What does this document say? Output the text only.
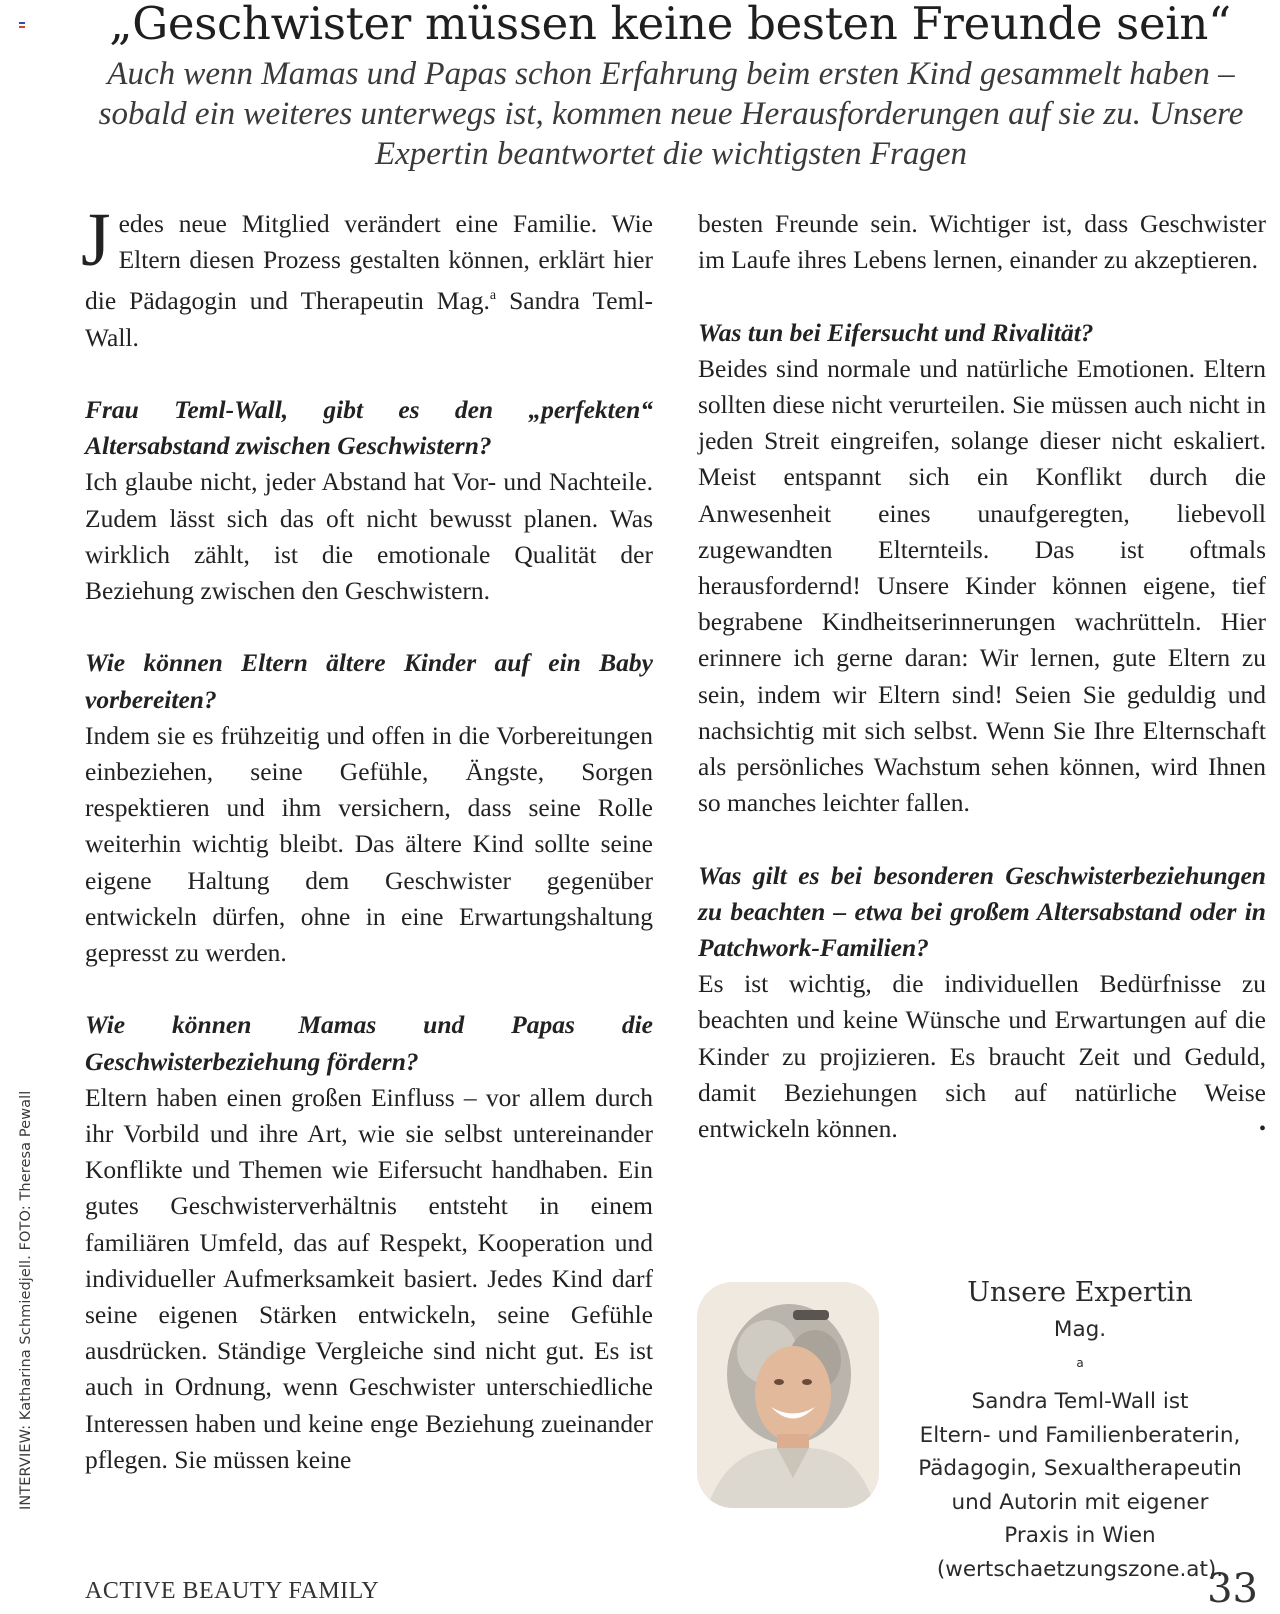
INTERVIEW: Katharina Schmiedjell. FOTO: Theresa Pewall
„Geschwister müssen keine besten Freunde sein“

Auch wenn Mamas und Papas schon Erfahrung beim ersten Kind gesammelt haben – sobald ein weiteres unterwegs ist, kommen neue Herausforderungen auf sie zu. Unsere Expertin beantwortet die wichtigsten Fragen

Jedes neue Mitglied verändert eine Familie. Wie Eltern diesen Prozess gestalten können, erklärt hier die Pädagogin und Therapeutin Mag.$^a$ Sandra Teml-Wall.

Frau Teml-Wall, gibt es den „perfekten“ Altersabstand zwischen Geschwistern?

Ich glaube nicht, jeder Abstand hat Vor- und Nachteile. Zudem lässt sich das oft nicht bewusst planen. Was wirklich zählt, ist die emotionale Qualität der Beziehung zwischen den Geschwistern.

Wie können Eltern ältere Kinder auf ein Baby vorbereiten?

Indem sie es frühzeitig und offen in die Vorbereitungen einbeziehen, seine Gefühle, Ängste, Sorgen respektieren und ihm versichern, dass seine Rolle weiterhin wichtig bleibt. Das ältere Kind sollte seine eigene Haltung dem Geschwister gegenüber entwickeln dürfen, ohne in eine Erwartungshaltung gepresst zu werden.

Wie können Mamas und Papas die Geschwisterbeziehung fördern?

Eltern haben einen großen Einfluss – vor allem durch ihr Vorbild und ihre Art, wie sie selbst untereinander Konflikte und Themen wie Eifersucht handhaben. Ein gutes Geschwisterverhältnis entsteht in einem familiären Umfeld, das auf Respekt, Kooperation und individueller Aufmerksamkeit basiert. Jedes Kind darf seine eigenen Stärken entwickeln, seine Gefühle ausdrücken. Ständige Vergleiche sind nicht gut. Es ist auch in Ordnung, wenn Geschwister unterschiedliche Interessen haben und keine enge Beziehung zueinander pflegen. Sie müssen keine

besten Freunde sein. Wichtiger ist, dass Geschwister im Laufe ihres Lebens lernen, einander zu akzeptieren.

Was tun bei Eifersucht und Rivalität?

Beides sind normale und natürliche Emotionen. Eltern sollten diese nicht verurteilen. Sie müssen auch nicht in jeden Streit eingreifen, solange dieser nicht eskaliert. Meist entspannt sich ein Konflikt durch die Anwesenheit eines unaufgeregten, liebevoll zugewandten Elternteils. Das ist oftmals herausfordernd! Unsere Kinder können eigene, tief begrabene Kindheitserinnerungen wachrütteln. Hier erinnere ich gerne daran: Wir lernen, gute Eltern zu sein, indem wir Eltern sind! Seien Sie geduldig und nachsichtig mit sich selbst. Wenn Sie Ihre Elternschaft als persönliches Wachstum sehen können, wird Ihnen so manches leichter fallen.

Was gilt es bei besonderen Geschwisterbeziehungen zu beachten – etwa bei großem Altersabstand oder in Patchwork-Familien?

Es ist wichtig, die individuellen Bedürfnisse zu beachten und keine Wünsche und Erwartungen auf die Kinder zu projizieren. Es braucht Zeit und Geduld, damit Beziehungen sich auf natürliche Weise entwickeln können.	•

Unsere Expertin

Mag.
$^a$
Sandra Teml-Wall ist
Eltern- und Familienberaterin,
Pädagogin, Sexualtherapeutin
und Autorin mit eigener
Praxis in Wien
(wertschaetzungszone.at).

ACTIVE BEAUTY FAMILY	33
